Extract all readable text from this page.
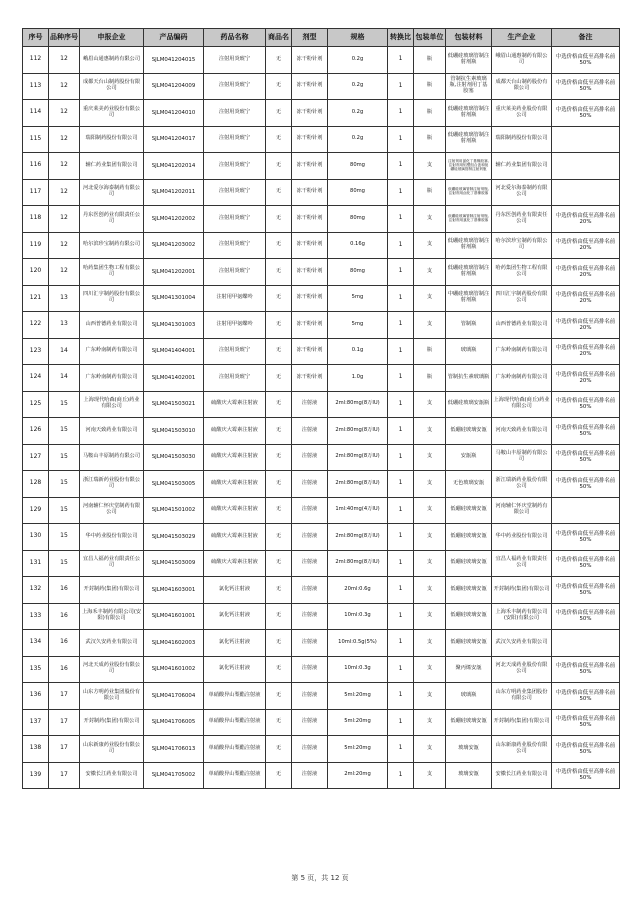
序号	品种序号	申报企业	产品编码	药品名称	商品名	剂型	规格	转换比	包装单位	包装材料	生产企业	备注
112	12	峨眉山通惠制药有限公司	SJLM041204015	注射用炎琥宁	无	冻干粉针剂	0.2g	1	瓶	低硼硅玻璃管制注射剂瓶	峨眉山通惠制药有限公司	中选价格由低至高排名前50%
113	12	成都天台山制药股份有限公司	SJLM041204009	注射用炎琥宁	无	冻干粉针剂	0.2g	1	瓶	管制抗生素玻璃瓶,注射剂用丁基胶塞	成都天台山制药股份有限公司	中选价格由低至高排名前50%
114	12	重庆莱美药业股份有限公司	SJLM041204010	注射用炎琥宁	无	冻干粉针剂	0.2g	1	瓶	低硼硅玻璃管制注射剂瓶	重庆莱美药业股份有限公司	中选价格由低至高排名前50%
115	12	瑞阳制药股份有限公司	SJLM041204017	注射用炎琥宁	无	冻干粉针剂	0.2g	1	瓶	低硼硅玻璃管制注射剂瓶	瑞阳制药股份有限公司	
116	12	辅仁药业集团有限公司	SJLM041202014	注射用炎琥宁	无	冻干粉针剂	80mg	1	支	注射剂用氯化丁基橡胶塞,注射剂用铝塑组合盖和低硼硅玻璃管制注射剂瓶	辅仁药业集团有限公司	
117	12	河北爱尔海泰制药有限公司	SJLM041202011	注射用炎琥宁	无	冻干粉针剂	80mg	1	瓶	低硼硅玻璃管制注射剂瓶,注射剂用卤化丁基橡胶塞	河北爱尔海泰制药有限公司	
118	12	丹东医创药业有限责任公司	SJLM041202002	注射用炎琥宁	无	冻干粉针剂	80mg	1	支	低硼硅玻璃管制注射剂瓶,注射剂用氯化丁基橡胶塞	丹东医创药业有限责任公司	中选价格由低至高排名前20%
119	12	哈尔滨珍宝制药有限公司	SJLM041203002	注射用炎琥宁	无	冻干粉针剂	0.16g	1	支	低硼硅玻璃管制注射剂瓶	哈尔滨珍宝制药有限公司	中选价格由低至高排名前20%
120	12	哈药集团生物工程有限公司	SJLM041202001	注射用炎琥宁	无	冻干粉针剂	80mg	1	支	低硼硅玻璃管制注射剂瓶	哈药集团生物工程有限公司	中选价格由低至高排名前20%
121	13	四川汇宇制药股份有限公司	SJLM041301004	注射用甲氨蝶呤	无	冻干粉针剂	5mg	1	支	中硼硅玻璃管制注射剂瓶	四川汇宇制药股份有限公司	中选价格由低至高排名前20%
122	13	山西普德药业有限公司	SJLM041301003	注射用甲氨蝶呤	无	冻干粉针剂	5mg	1	支	管制瓶	山西普德药业有限公司	中选价格由低至高排名前20%
123	14	广东岭南制药有限公司	SJLM041404001	注射用炎琥宁	无	冻干粉针剂	0.1g	1	瓶	玻璃瓶	广东岭南制药有限公司	中选价格由低至高排名前20%
124	14	广东岭南制药有限公司	SJLM041402001	注射用炎琥宁	无	冻干粉针剂	1.0g	1	瓶	管制抗生素玻璃瓶	广东岭南制药有限公司	中选价格由低至高排名前20%
125	15	上海现代哈森(商丘)药业有限公司	SJLM041503021	硫酸庆大霉素注射液	无	注射液	2ml:80mg(8万IU)	1	支	低硼硅玻璃安瓿瓶	上海现代哈森(商丘)药业有限公司	中选价格由低至高排名前50%
126	15	河南天致药业有限公司	SJLM041503010	硫酸庆大霉素注射液	无	注射液	2ml:80mg(8万IU)	1	支	低硼硅玻璃安瓿	河南天致药业有限公司	中选价格由低至高排名前50%
127	15	马鞍山丰原制药有限公司	SJLM041503030	硫酸庆大霉素注射液	无	注射液	2ml:80mg(8万IU)	1	支	安瓿瓶	马鞍山丰原制药有限公司	中选价格由低至高排名前50%
128	15	浙江瑞新药业股份有限公司	SJLM041503005	硫酸庆大霉素注射液	无	注射液	2ml:80mg(8万IU)	1	支	无色玻璃安瓿	浙江瑞新药业股份有限公司	中选价格由低至高排名前50%
129	15	河南辅仁怀庆堂制药有限公司	SJLM041501002	硫酸庆大霉素注射液	无	注射液	1ml:40mg(4万IU)	1	支	低硼硅玻璃安瓿	河南辅仁怀庆堂制药有限公司	
130	15	华中药业股份有限公司	SJLM041503029	硫酸庆大霉素注射液	无	注射液	2ml:80mg(8万IU)	1	支	低硼硅玻璃安瓿	华中药业股份有限公司	中选价格由低至高排名前50%
131	15	宜昌人福药业有限责任公司	SJLM041503009	硫酸庆大霉素注射液	无	注射液	2ml:80mg(8万IU)	1	支	低硼硅玻璃安瓿	宜昌人福药业有限责任公司	中选价格由低至高排名前50%
132	16	开封制药(集团)有限公司	SJLM041603001	氯化钙注射液	无	注射液	20ml:0.6g	1	支	低硼硅玻璃安瓿	开封制药(集团)有限公司	中选价格由低至高排名前50%
133	16	上海禾丰制药有限公司(安阳)有限公司	SJLM041601001	氯化钙注射液	无	注射液	10ml:0.3g	1	支	低硼硅玻璃安瓿	上海禾丰制药有限公司(安阳)有限公司	中选价格由低至高排名前50%
134	16	武汉久安药业有限公司	SJLM041602003	氯化钙注射液	无	注射液	10ml:0.5g(5%)	1	支	低硼硅玻璃安瓿	武汉久安药业有限公司	
135	16	河北天成药业股份有限公司	SJLM041601002	氯化钙注射液	无	注射液	10ml:0.3g	1	支	聚丙烯安瓿	河北天成药业股份有限公司	中选价格由低至高排名前50%
136	17	山东方明药业集团股份有限公司	SJLM041706004	单硝酸异山梨酯注射液	无	注射液	5ml:20mg	1	支	玻璃瓶	山东方明药业集团股份有限公司	中选价格由低至高排名前50%
137	17	开封制药(集团)有限公司	SJLM041706005	单硝酸异山梨酯注射液	无	注射液	5ml:20mg	1	支	低硼硅玻璃安瓿	开封制药(集团)有限公司	中选价格由低至高排名前50%
138	17	山东新康药业股份有限公司	SJLM041706013	单硝酸异山梨酯注射液	无	注射液	5ml:20mg	1	支	玻璃安瓿	山东新康药业股份有限公司	中选价格由低至高排名前50%
139	17	安徽长江药业有限公司	SJLM041705002	单硝酸异山梨酯注射液	无	注射液	2ml:20mg	1	支	玻璃安瓿	安徽长江药业有限公司	中选价格由低至高排名前50%
第 5 页，共 12 页
